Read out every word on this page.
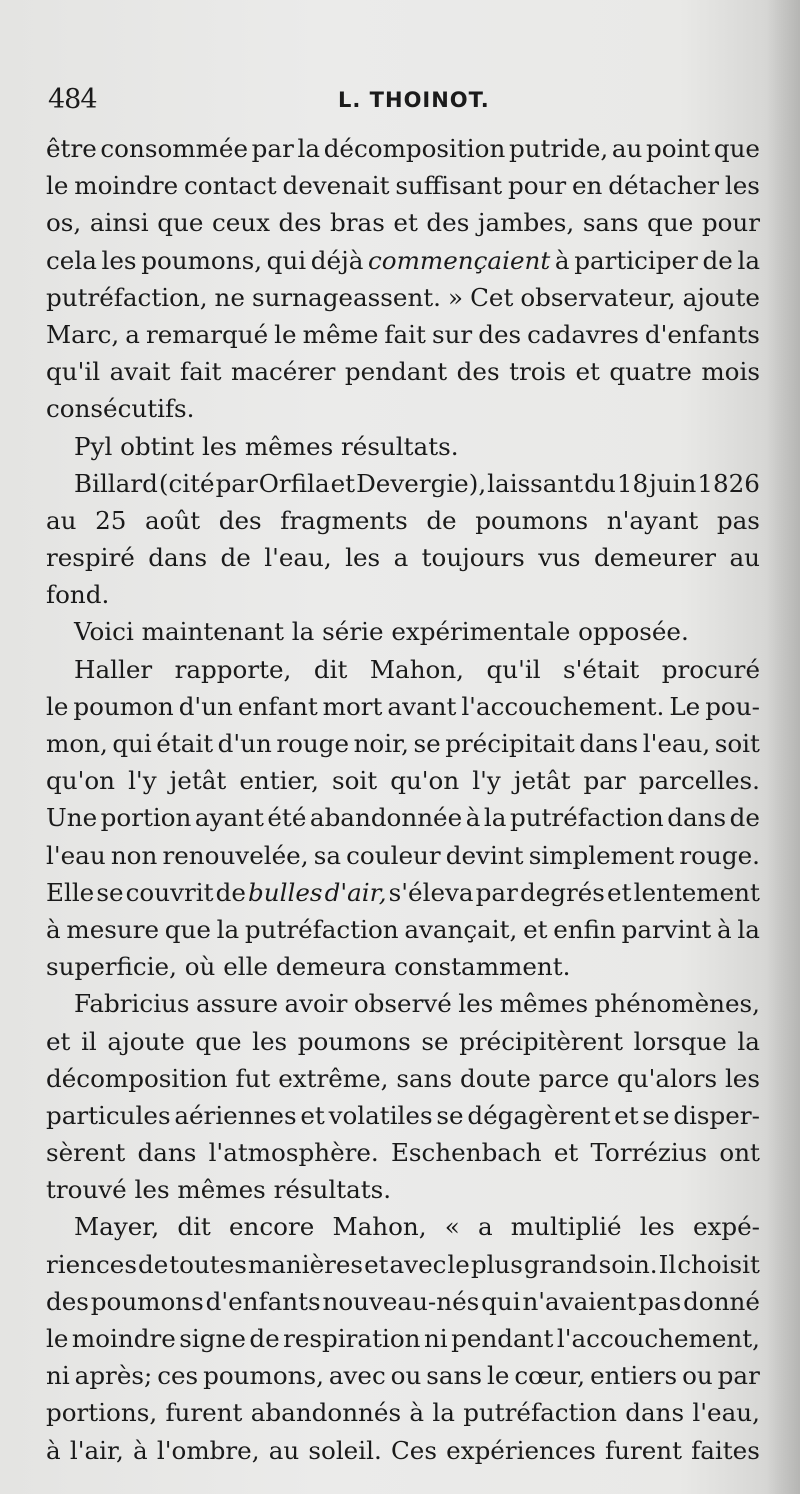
484	L. THOINOT.
être consommée par la décomposition putride, au point que
le moindre contact devenait suffisant pour en détacher les
os, ainsi que ceux des bras et des jambes, sans que pour
cela les poumons, qui déjà commençaient à participer de la
putréfaction, ne surnageassent. » Cet observateur, ajoute
Marc, a remarqué le même fait sur des cadavres d'enfants
qu'il avait fait macérer pendant des trois et quatre mois
consécutifs.
Pyl obtint les mêmes résultats.
Billard (cité par Orfila et Devergie), laissant du 18 juin 1826
au 25 août des fragments de poumons n'ayant pas
respiré dans de l'eau, les a toujours vus demeurer au
fond.
Voici maintenant la série expérimentale opposée.
Haller rapporte, dit Mahon, qu'il s'était procuré
le poumon d'un enfant mort avant l'accouchement. Le pou-
mon, qui était d'un rouge noir, se précipitait dans l'eau, soit
qu'on l'y jetât entier, soit qu'on l'y jetât par parcelles.
Une portion ayant été abandonnée à la putréfaction dans de
l'eau non renouvelée, sa couleur devint simplement rouge.
Elle se couvrit de bulles d'air, s'éleva par degrés et lentement
à mesure que la putréfaction avançait, et enfin parvint à la
superficie, où elle demeura constamment.
Fabricius assure avoir observé les mêmes phénomènes,
et il ajoute que les poumons se précipitèrent lorsque la
décomposition fut extrême, sans doute parce qu'alors les
particules aériennes et volatiles se dégagèrent et se disper-
sèrent dans l'atmosphère. Eschenbach et Torrézius ont
trouvé les mêmes résultats.
Mayer, dit encore Mahon, « a multiplié les expé-
riences de toutes manières et avec le plus grand soin. Il choisit
des poumons d'enfants nouveau-nés qui n'avaient pas donné
le moindre signe de respiration ni pendant l'accouchement,
ni après; ces poumons, avec ou sans le cœur, entiers ou par
portions, furent abandonnés à la putréfaction dans l'eau,
à l'air, à l'ombre, au soleil. Ces expériences furent faites
